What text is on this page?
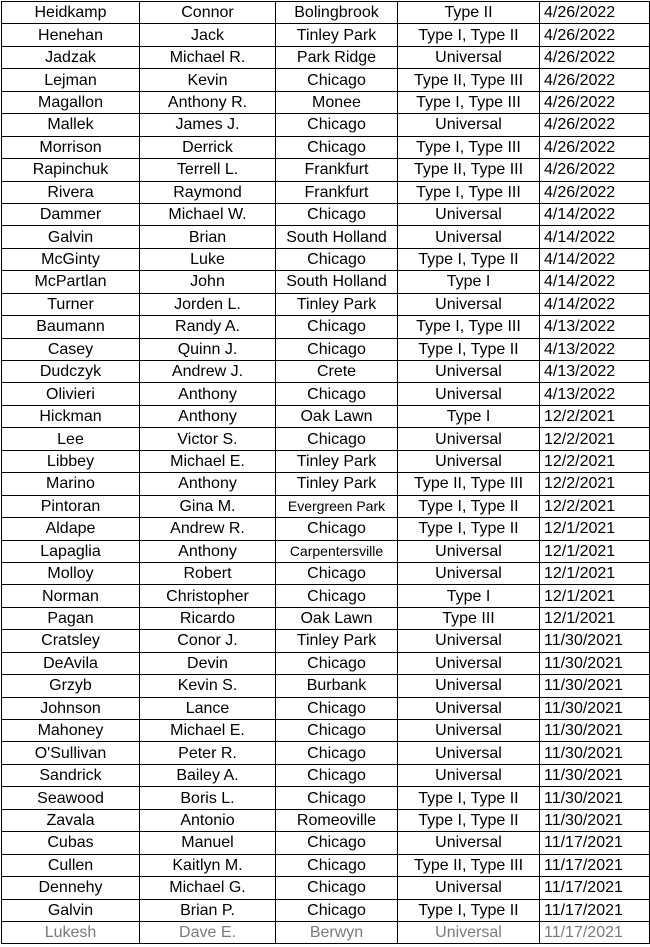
Heidkamp	Connor	Bolingbrook	Type II	4/26/2022
Henehan	Jack	Tinley Park	Type I, Type II	4/26/2022
Jadzak	Michael R.	Park Ridge	Universal	4/26/2022
Lejman	Kevin	Chicago	Type II, Type III	4/26/2022
Magallon	Anthony R.	Monee	Type I, Type III	4/26/2022
Mallek	James J.	Chicago	Universal	4/26/2022
Morrison	Derrick	Chicago	Type I, Type III	4/26/2022
Rapinchuk	Terrell L.	Frankfurt	Type II, Type III	4/26/2022
Rivera	Raymond	Frankfurt	Type I, Type III	4/26/2022
Dammer	Michael W.	Chicago	Universal	4/14/2022
Galvin	Brian	South Holland	Universal	4/14/2022
McGinty	Luke	Chicago	Type I, Type II	4/14/2022
McPartlan	John	South Holland	Type I	4/14/2022
Turner	Jorden L.	Tinley Park	Universal	4/14/2022
Baumann	Randy A.	Chicago	Type I, Type III	4/13/2022
Casey	Quinn J.	Chicago	Type I, Type II	4/13/2022
Dudczyk	Andrew J.	Crete	Universal	4/13/2022
Olivieri	Anthony	Chicago	Universal	4/13/2022
Hickman	Anthony	Oak Lawn	Type I	12/2/2021
Lee	Victor S.	Chicago	Universal	12/2/2021
Libbey	Michael E.	Tinley Park	Universal	12/2/2021
Marino	Anthony	Tinley Park	Type II, Type III	12/2/2021
Pintoran	Gina M.	Evergreen Park	Type I, Type II	12/2/2021
Aldape	Andrew R.	Chicago	Type I, Type II	12/1/2021
Lapaglia	Anthony	Carpentersville	Universal	12/1/2021
Molloy	Robert	Chicago	Universal	12/1/2021
Norman	Christopher	Chicago	Type I	12/1/2021
Pagan	Ricardo	Oak Lawn	Type III	12/1/2021
Cratsley	Conor J.	Tinley Park	Universal	11/30/2021
DeAvila	Devin	Chicago	Universal	11/30/2021
Grzyb	Kevin S.	Burbank	Universal	11/30/2021
Johnson	Lance	Chicago	Universal	11/30/2021
Mahoney	Michael E.	Chicago	Universal	11/30/2021
O'Sullivan	Peter R.	Chicago	Universal	11/30/2021
Sandrick	Bailey A.	Chicago	Universal	11/30/2021
Seawood	Boris L.	Chicago	Type I, Type II	11/30/2021
Zavala	Antonio	Romeoville	Type I, Type II	11/30/2021
Cubas	Manuel	Chicago	Universal	11/17/2021
Cullen	Kaitlyn M.	Chicago	Type II, Type III	11/17/2021
Dennehy	Michael G.	Chicago	Universal	11/17/2021
Galvin	Brian P.	Chicago	Type I, Type II	11/17/2021
Lukesh	Dave E.	Berwyn	Universal	11/17/2021
